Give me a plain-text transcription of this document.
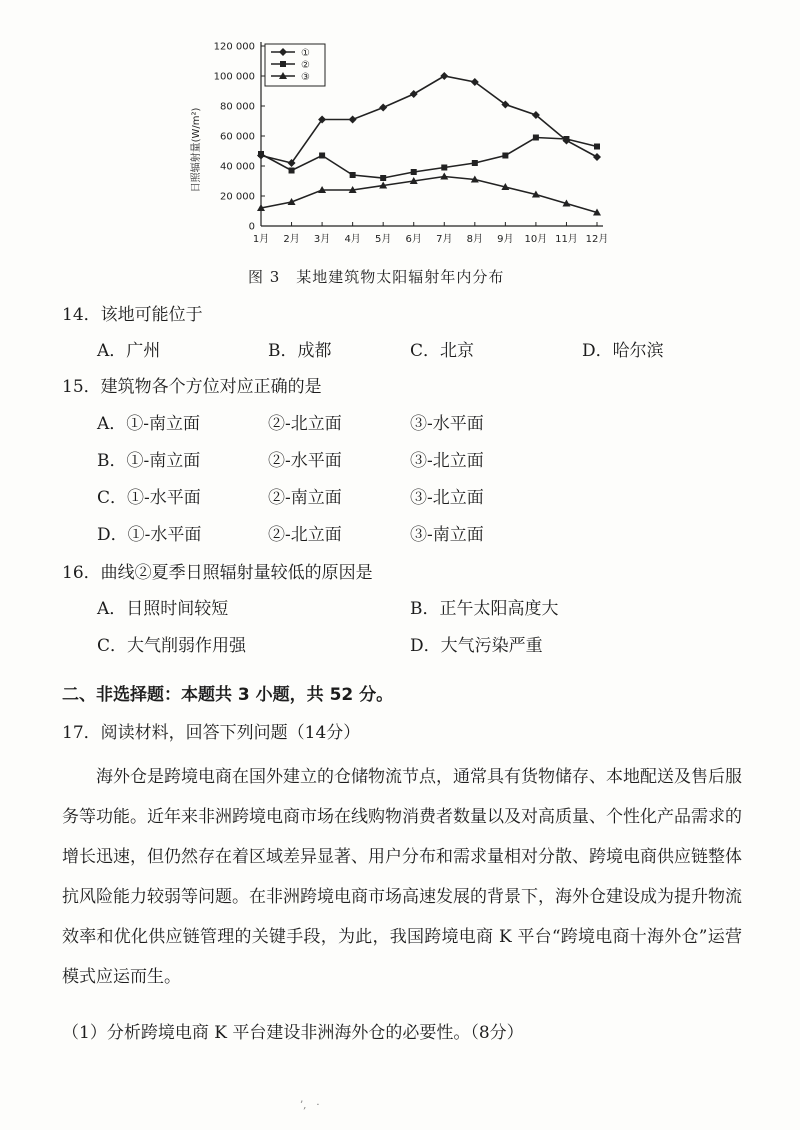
0
20 000
40 000
60 000
80 000
100 000
120 000
1月 2月 3月 4月 5月 6月 7月 8月 9月 10月 11月 12月
日照辐射量(W/m²)
①
②
③
图 3　某地建筑物太阳辐射年内分布
14．该地可能位于
A．广州	B．成都	C．北京	D．哈尔滨
15．建筑物各个方位对应正确的是
A．①-南立面	②-北立面	③-水平面
B．①-南立面	②-水平面	③-北立面
C．①-水平面	②-南立面	③-北立面
D．①-水平面	②-北立面	③-南立面
16．曲线②夏季日照辐射量较低的原因是
A．日照时间较短	B．正午太阳高度大
C．大气削弱作用强	D．大气污染严重
二、非选择题：本题共 3 小题，共 52 分。
17．阅读材料，回答下列问题（14分）
海外仓是跨境电商在国外建立的仓储物流节点，通常具有货物储存、本地配送及售后服务等功能。近年来非洲跨境电商市场在线购物消费者数量以及对高质量、个性化产品需求的增长迅速，但仍然存在着区域差异显著、用户分布和需求量相对分散、跨境电商供应链整体抗风险能力较弱等问题。在非洲跨境电商市场高速发展的背景下，海外仓建设成为提升物流效率和优化供应链管理的关键手段，为此，我国跨境电商 K 平台“跨境电商十海外仓”运营模式应运而生。
（1）分析跨境电商 K 平台建设非洲海外仓的必要性。（8分）
’‚　·
